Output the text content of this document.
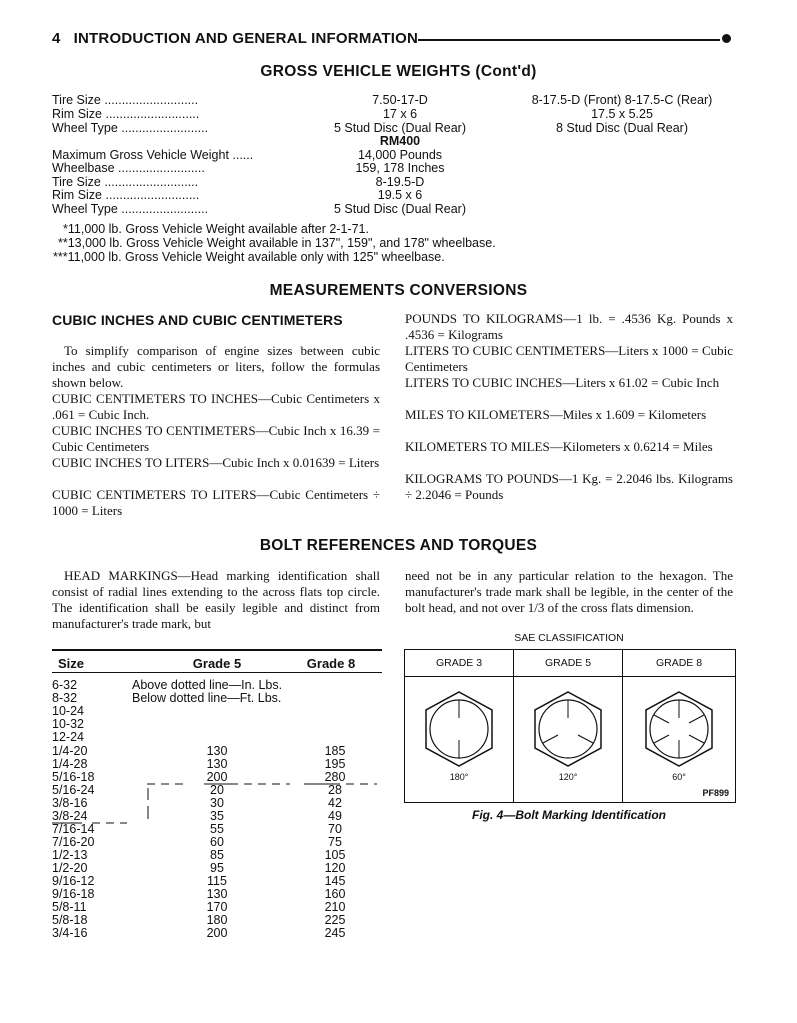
4 INTRODUCTION AND GENERAL INFORMATION
GROSS VEHICLE WEIGHTS (Cont'd)
Tire Size ...........................	7.50-17-D	8-17.5-D (Front) 8-17.5-C (Rear)
Rim Size ...........................	17 x 6	17.5 x 5.25
Wheel Type .........................	5 Stud Disc (Dual Rear)	8 Stud Disc (Dual Rear)
RM400
Maximum Gross Vehicle Weight ......	14,000 Pounds
Wheelbase .........................	159, 178 Inches
Tire Size ...........................	8-19.5-D
Rim Size ...........................	19.5 x 6
Wheel Type .........................	5 Stud Disc (Dual Rear)
*11,000 lb. Gross Vehicle Weight available after 2-1-71.
**13,000 lb. Gross Vehicle Weight available in 137", 159", and 178" wheelbase.
***11,000 lb. Gross Vehicle Weight available only with 125" wheelbase.
MEASUREMENTS CONVERSIONS
CUBIC INCHES AND CUBIC CENTIMETERS
To simplify comparison of engine sizes between cubic inches and cubic centimeters or liters, follow the formulas shown below.
CUBIC CENTIMETERS TO INCHES—Cubic Centimeters x .061 = Cubic Inch.
CUBIC INCHES TO CENTIMETERS—Cubic Inch x 16.39 = Cubic Centimeters
CUBIC INCHES TO LITERS—Cubic Inch x 0.01639 = Liters
CUBIC CENTIMETERS TO LITERS—Cubic Centimeters ÷ 1000 = Liters
POUNDS TO KILOGRAMS—1 lb. = .4536 Kg. Pounds x .4536 = Kilograms
LITERS TO CUBIC CENTIMETERS—Liters x 1000 = Cubic Centimeters
LITERS TO CUBIC INCHES—Liters x 61.02 = Cubic Inch
MILES TO KILOMETERS—Miles x 1.609 = Kilometers
KILOMETERS TO MILES—Kilometers x 0.6214 = Miles
KILOGRAMS TO POUNDS—1 Kg. = 2.2046 lbs. Kilograms ÷ 2.2046 = Pounds
BOLT REFERENCES AND TORQUES
HEAD MARKINGS—Head marking identification shall consist of radial lines extending to the across flats top circle. The identification shall be easily legible and distinct from manufacturer's trade mark, but
need not be in any particular relation to the hexagon. The manufacturer's trade mark shall be legible, in the center of the bolt head, and not over 1/3 of the cross flats dimension.
Size	Grade 5	Grade 8
Above dotted line—In. Lbs.
Below dotted line—Ft. Lbs.
6-32
8-32
10-24
10-32
12-24
1/4-20	130	185
1/4-28	130	195
5/16-18	200	280
5/16-24	20	28
3/8-16	30	42
3/8-24	35	49
7/16-14	55	70
7/16-20	60	75
1/2-13	85	105
1/2-20	95	120
9/16-12	115	145
9/16-18	130	160
5/8-11	170	210
5/8-18	180	225
3/4-16	200	245
SAE CLASSIFICATION
GRADE 3
180°
GRADE 5
120°
GRADE 8
60°
PF899
Fig. 4—Bolt Marking Identification
